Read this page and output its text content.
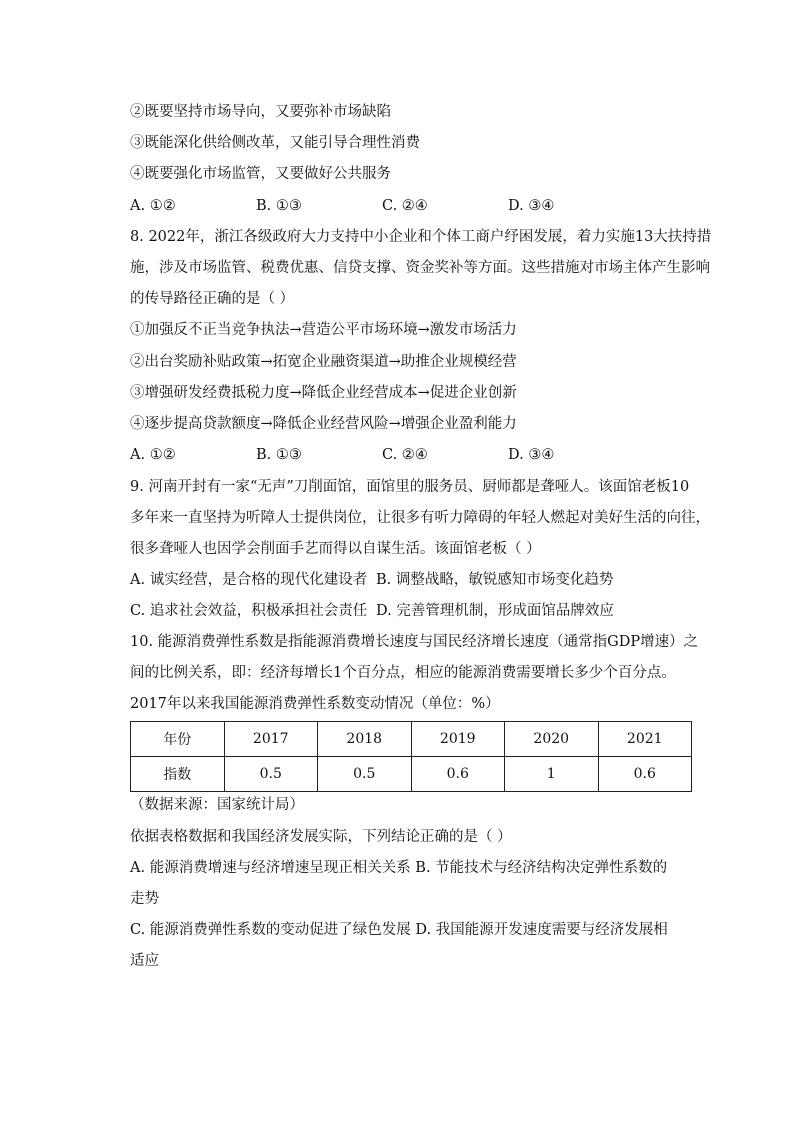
②既要坚持市场导向，又要弥补市场缺陷
③既能深化供给侧改革，又能引导合理性消费
④既要强化市场监管，又要做好公共服务
A. ①②	B. ①③	C. ②④	D. ③④
8. 2022年，浙江各级政府大力支持中小企业和个体工商户纾困发展，着力实施13大扶持措
施，涉及市场监管、税费优惠、信贷支撑、资金奖补等方面。这些措施对市场主体产生影响
的传导路径正确的是（ ）
①加强反不正当竞争执法→营造公平市场环境→激发市场活力
②出台奖励补贴政策→拓宽企业融资渠道→助推企业规模经营
③增强研发经费抵税力度→降低企业经营成本→促进企业创新
④逐步提高贷款额度→降低企业经营风险→增强企业盈利能力
A. ①②	B. ①③	C. ②④	D. ③④
9. 河南开封有一家“无声”刀削面馆，面馆里的服务员、厨师都是聋哑人。该面馆老板10
多年来一直坚持为听障人士提供岗位，让很多有听力障碍的年轻人燃起对美好生活的向往，
很多聋哑人也因学会削面手艺而得以自谋生活。该面馆老板（ ）
A. 诚实经营，是合格的现代化建设者 B. 调整战略，敏锐感知市场变化趋势
C. 追求社会效益，积极承担社会责任 D. 完善管理机制，形成面馆品牌效应
10. 能源消费弹性系数是指能源消费增长速度与国民经济增长速度（通常指GDP增速）之
间的比例关系，即：经济每增长1个百分点，相应的能源消费需要增长多少个百分点。
2017年以来我国能源消费弹性系数变动情况（单位：%）
年份	2017	2018	2019	2020	2021
指数	0.5	0.5	0.6	1	0.6
（数据来源：国家统计局）
依据表格数据和我国经济发展实际，下列结论正确的是（ ）
A. 能源消费增速与经济增速呈现正相关关系 B. 节能技术与经济结构决定弹性系数的
走势
C. 能源消费弹性系数的变动促进了绿色发展 D. 我国能源开发速度需要与经济发展相
适应
